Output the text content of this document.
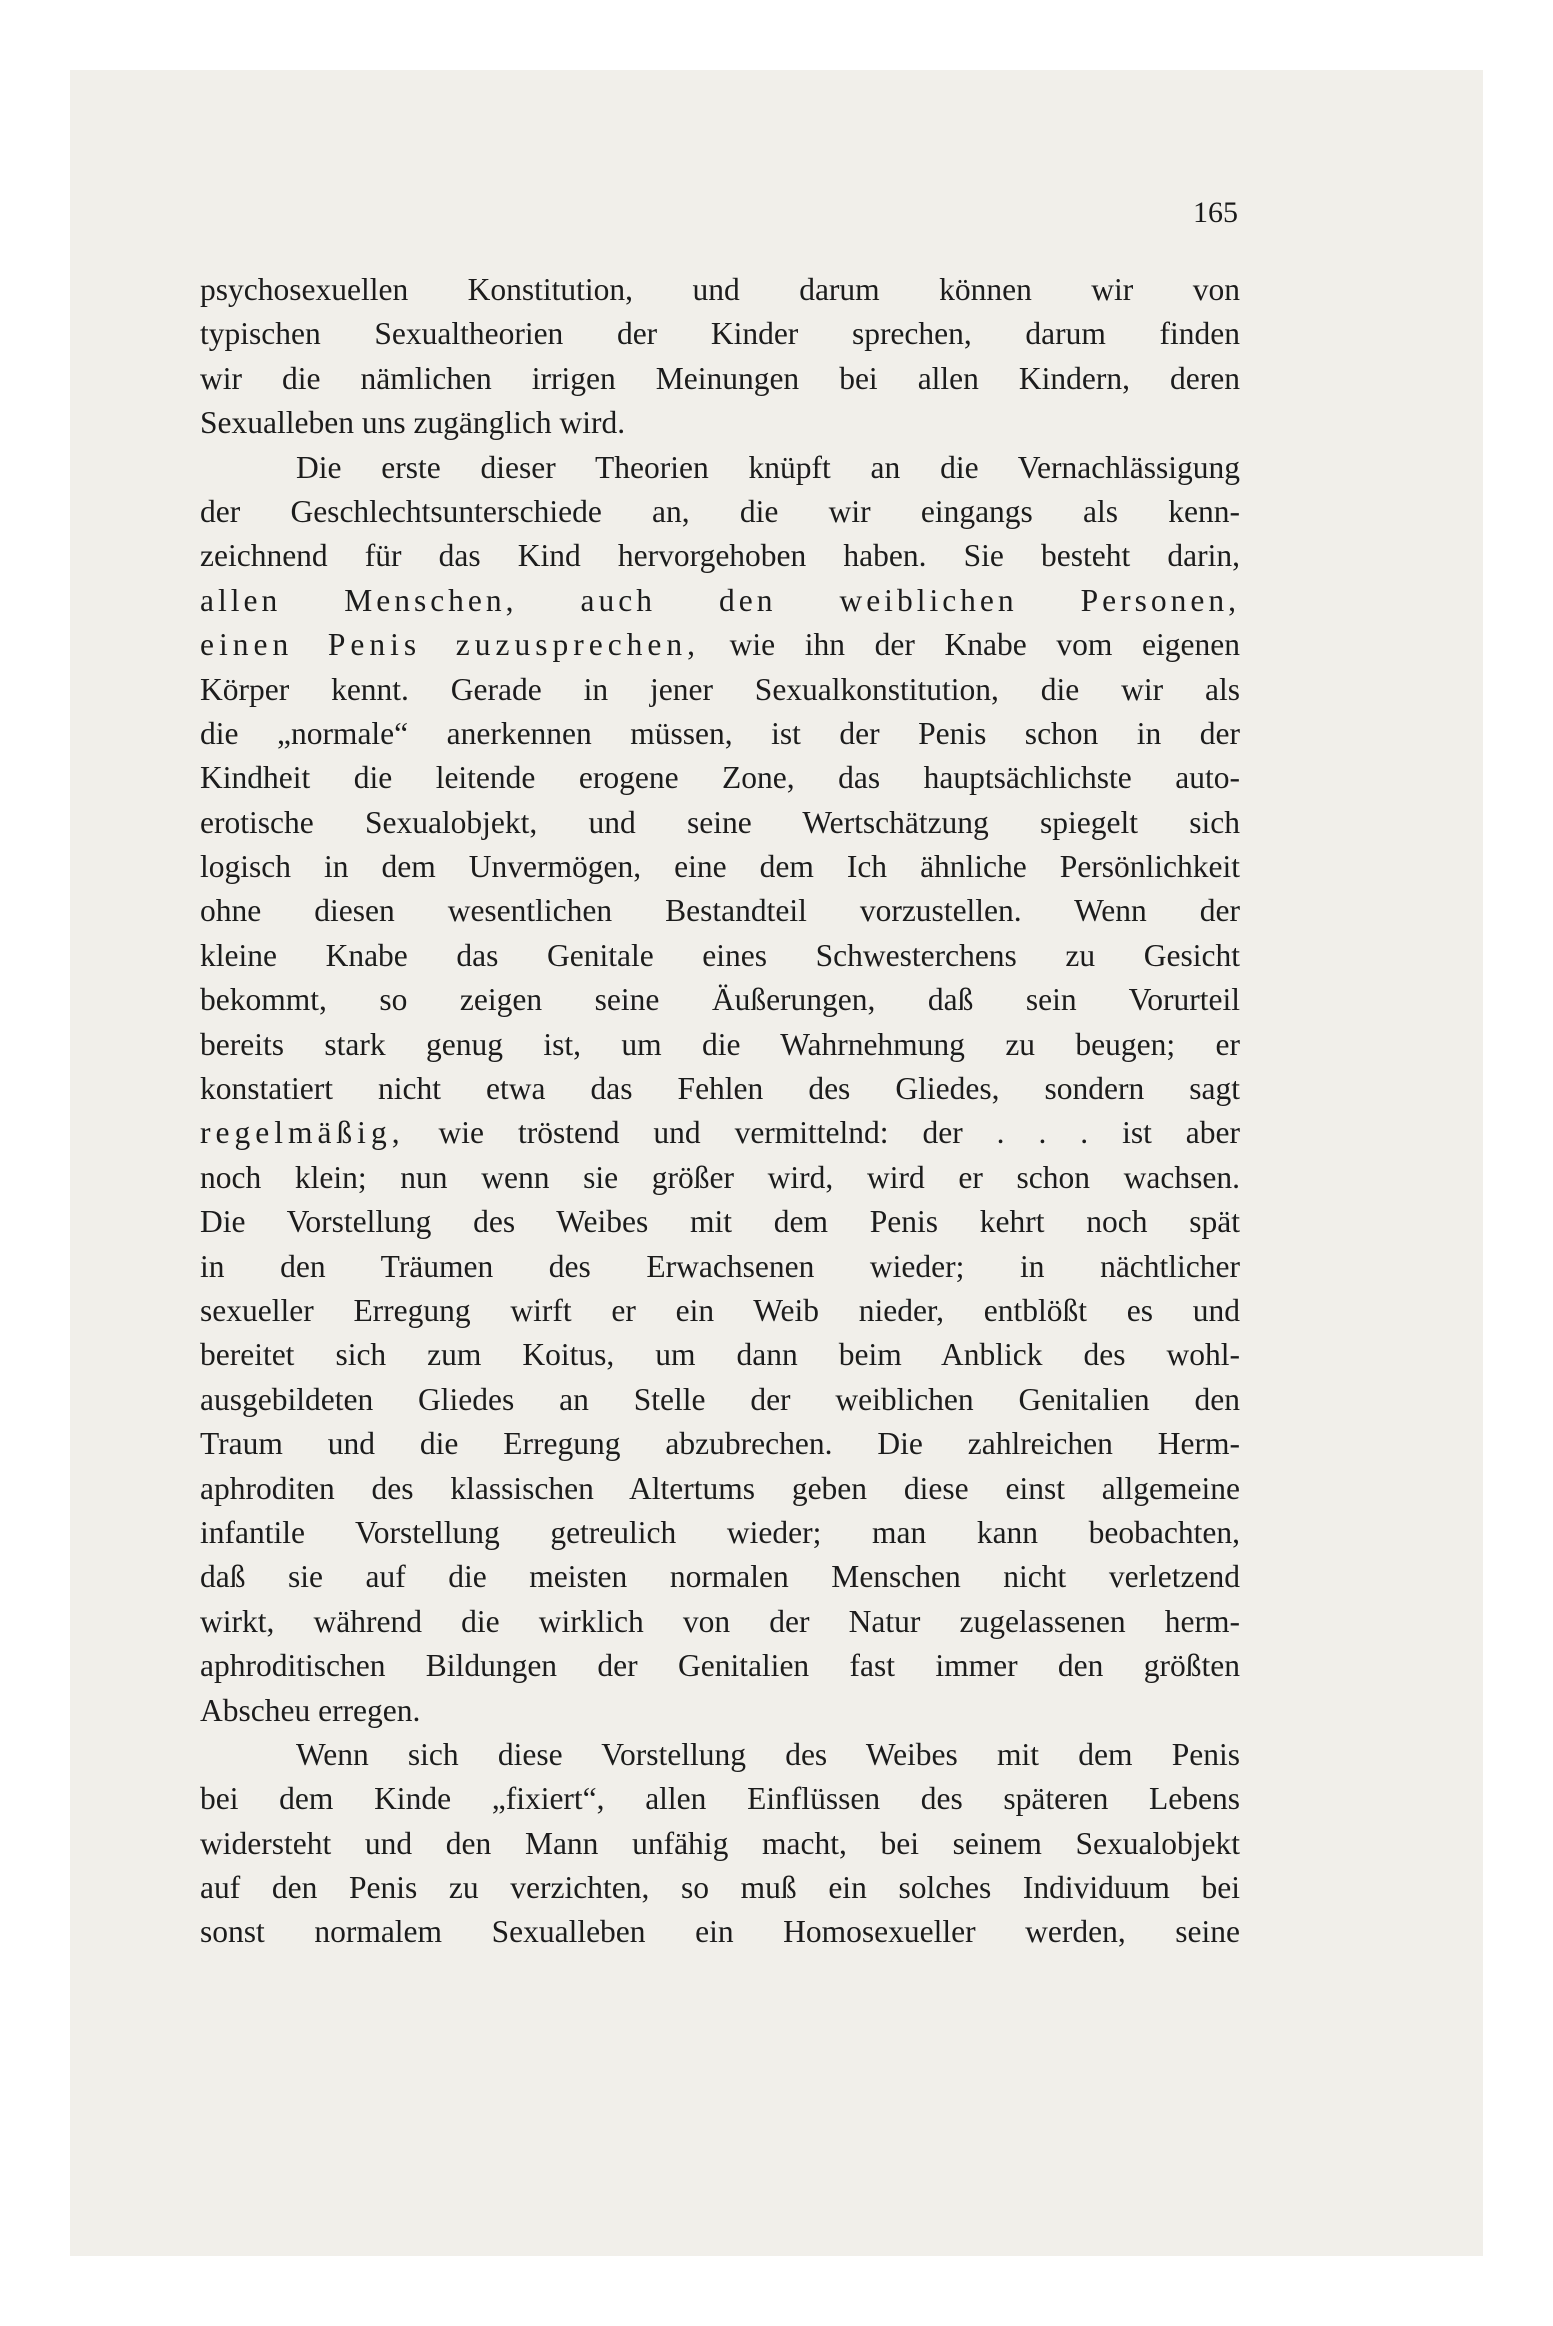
165
psychosexuellen Konstitution, und darum können wir von
typischen Sexualtheorien der Kinder sprechen, darum finden
wir die nämlichen irrigen Meinungen bei allen Kindern, deren
Sexualleben uns zugänglich wird.
Die erste dieser Theorien knüpft an die Vernachlässigung
der Geschlechtsunterschiede an, die wir eingangs als kenn-
zeichnend für das Kind hervorgehoben haben. Sie besteht darin,
allen Menschen, auch den weiblichen Personen,
einen Penis zuzusprechen, wie ihn der Knabe vom eigenen
Körper kennt. Gerade in jener Sexualkonstitution, die wir als
die „normale“ anerkennen müssen, ist der Penis schon in der
Kindheit die leitende erogene Zone, das hauptsächlichste auto-
erotische Sexualobjekt, und seine Wertschätzung spiegelt sich
logisch in dem Unvermögen, eine dem Ich ähnliche Persönlichkeit
ohne diesen wesentlichen Bestandteil vorzustellen. Wenn der
kleine Knabe das Genitale eines Schwesterchens zu Gesicht
bekommt, so zeigen seine Äußerungen, daß sein Vorurteil
bereits stark genug ist, um die Wahrnehmung zu beugen; er
konstatiert nicht etwa das Fehlen des Gliedes, sondern sagt
regelmäßig, wie tröstend und vermittelnd: der . . . ist aber
noch klein; nun wenn sie größer wird, wird er schon wachsen.
Die Vorstellung des Weibes mit dem Penis kehrt noch spät
in den Träumen des Erwachsenen wieder; in nächtlicher
sexueller Erregung wirft er ein Weib nieder, entblößt es und
bereitet sich zum Koitus, um dann beim Anblick des wohl-
ausgebildeten Gliedes an Stelle der weiblichen Genitalien den
Traum und die Erregung abzubrechen. Die zahlreichen Herm-
aphroditen des klassischen Altertums geben diese einst allgemeine
infantile Vorstellung getreulich wieder; man kann beobachten,
daß sie auf die meisten normalen Menschen nicht verletzend
wirkt, während die wirklich von der Natur zugelassenen herm-
aphroditischen Bildungen der Genitalien fast immer den größten
Abscheu erregen.
Wenn sich diese Vorstellung des Weibes mit dem Penis
bei dem Kinde „fixiert“, allen Einflüssen des späteren Lebens
widersteht und den Mann unfähig macht, bei seinem Sexualobjekt
auf den Penis zu verzichten, so muß ein solches Individuum bei
sonst normalem Sexualleben ein Homosexueller werden, seine
